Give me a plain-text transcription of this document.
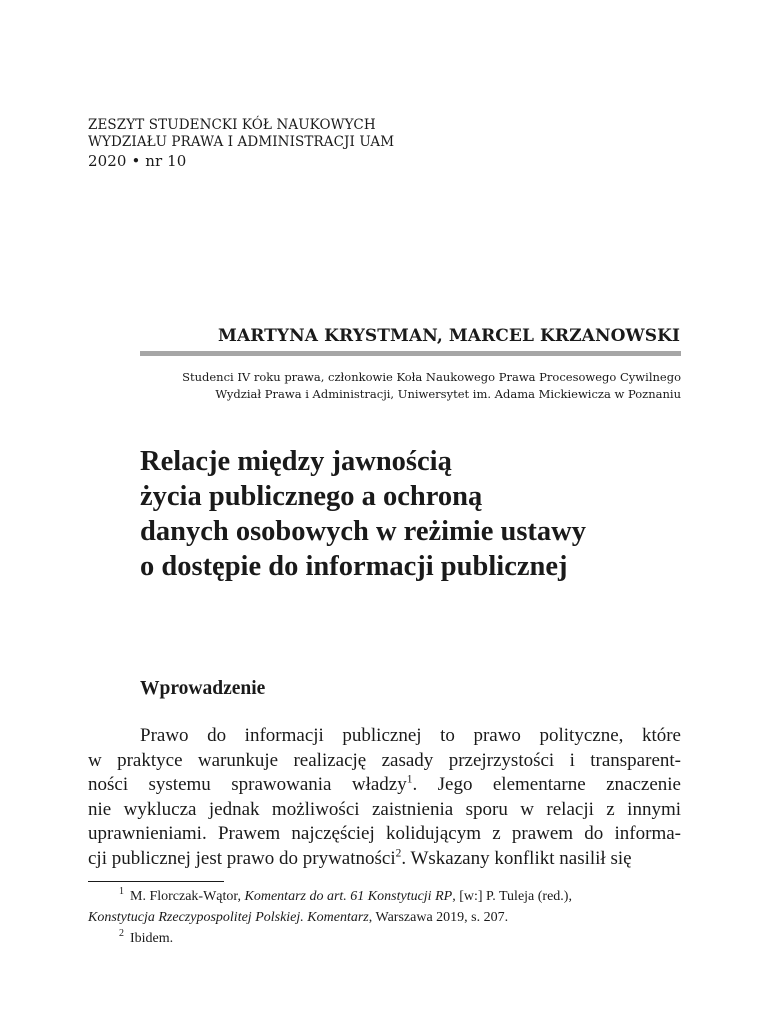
ZESZYT STUDENCKI KÓŁ NAUKOWYCH
WYDZIAŁU PRAWA I ADMINISTRACJI UAM
2020 • nr 10
MARTYNA KRYSTMAN, MARCEL KRZANOWSKI
Studenci IV roku prawa, członkowie Koła Naukowego Prawa Procesowego Cywilnego
Wydział Prawa i Administracji, Uniwersytet im. Adama Mickiewicza w Poznaniu
Relacje między jawnością
życia publicznego a ochroną
danych osobowych w reżimie ustawy
o dostępie do informacji publicznej
Wprowadzenie
Prawo do informacji publicznej to prawo polityczne, które
w praktyce warunkuje realizację zasady przejrzystości i transparent-
ności systemu sprawowania władzy$^1$. Jego elementarne znaczenie
nie wyklucza jednak możliwości zaistnienia sporu w relacji z innymi
uprawnieniami. Prawem najczęściej kolidującym z prawem do informa-
cji publicznej jest prawo do prywatności$^2$. Wskazany konflikt nasilił się
$^1$ M. Florczak-Wątor, Komentarz do art. 61 Konstytucji RP, [w:] P. Tuleja (red.),
Konstytucja Rzeczypospolitej Polskiej. Komentarz, Warszawa 2019, s. 207.
$^2$ Ibidem.
